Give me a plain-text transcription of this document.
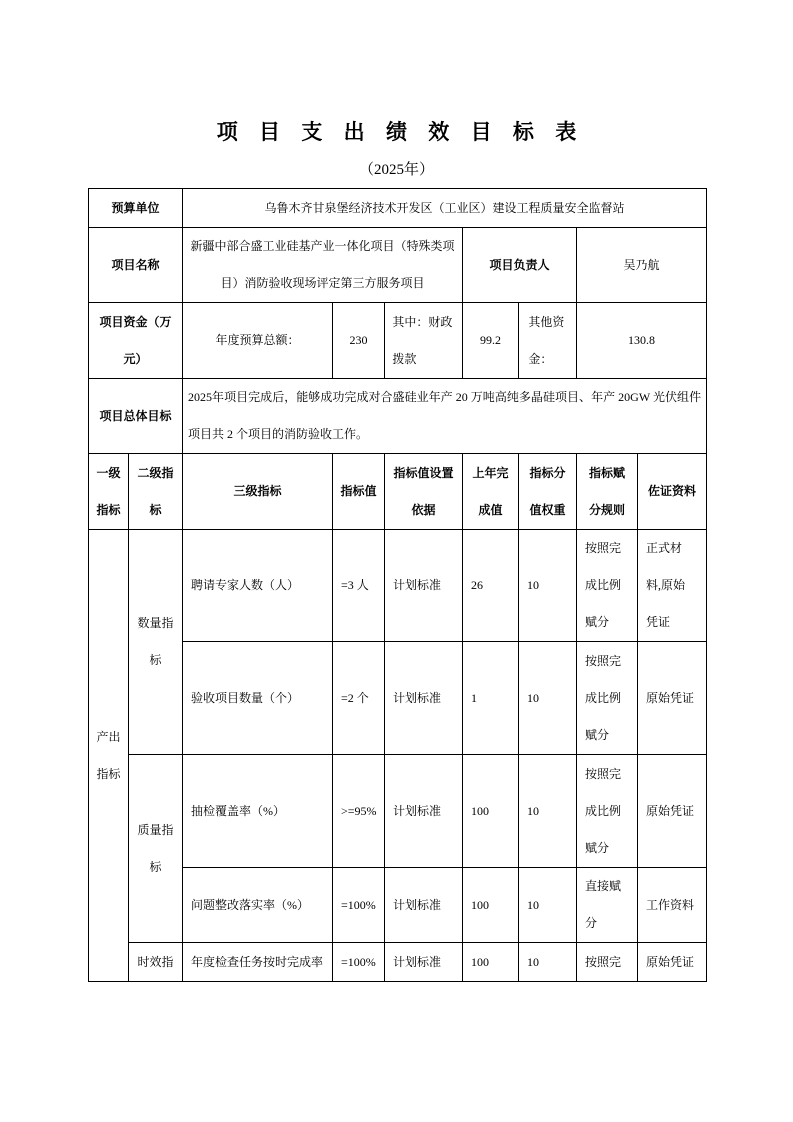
项 目 支 出 绩 效 目 标 表
（2025年）
预算单位		乌鲁木齐甘泉堡经济技术开发区（工业区）建设工程质量安全监督站						
项目名称		新疆中部合盛工业硅基产业一体化项目（特殊类项目）消防验收现场评定第三方服务项目			项目负责人		吴乃航	

项目资金（万元）		年度预算总额：	230	其中：财政拨款	99.2	其他资金：	130.8	
项目总体目标		2025年项目完成后，能够成功完成对合盛硅业年产 20 万吨高纯多晶硅项目、年产 20GW 光伏组件项目共 2 个项目的消防验收工作。						

一级指标	二级指标	三级指标	指标值	指标值设置依据	上年完成值	指标分值权重	指标赋分规则	佐证资料

产出指标	数量指标	聘请专家人数（人）	=3 人	计划标准	26	10	按照完成比例赋分	正式材料,原始凭证

		验收项目数量（个）	=2 个	计划标准	1	10	按照完成比例赋分	原始凭证

	质量指标	抽检覆盖率（%）	>=95%	计划标准	100	10	按照完成比例赋分	原始凭证

		问题整改落实率（%）	=100%	计划标准	100	10	直接赋分	工作资料

	时效指	年度检查任务按时完成率	=100%	计划标准	100	10	按照完	原始凭证
